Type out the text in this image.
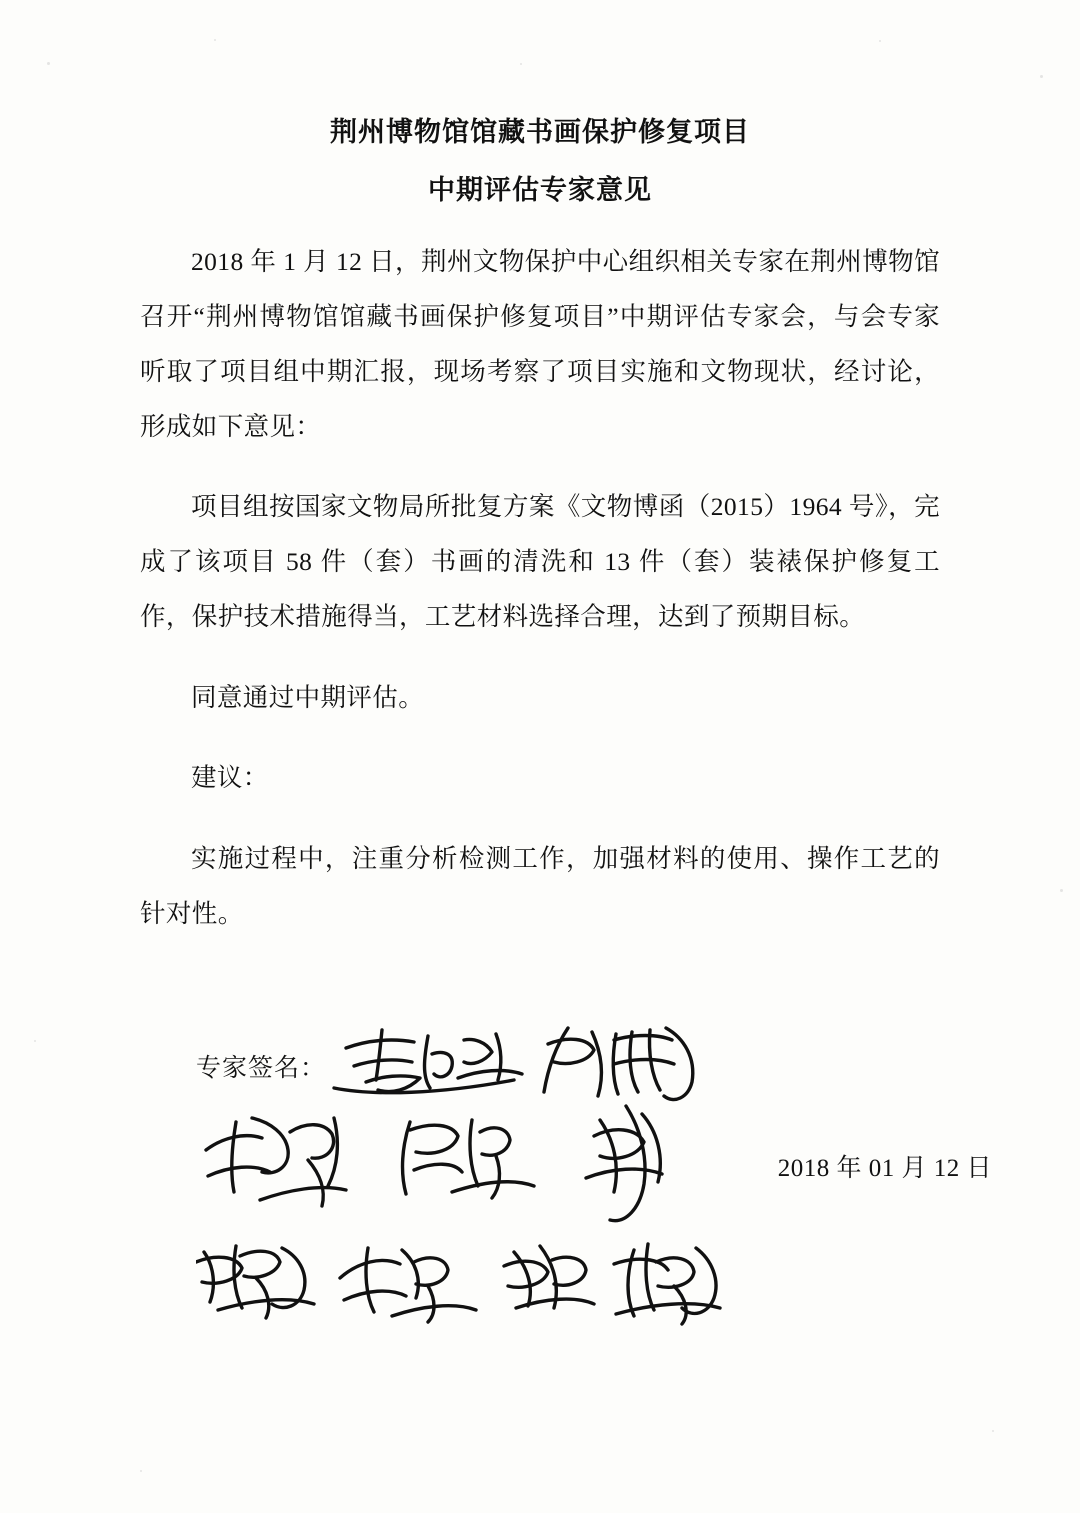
荆州博物馆馆藏书画保护修复项目
中期评估专家意见

2018 年 1 月 12 日，荆州文物保护中心组织相关专家在荆州博物馆召开“荆州博物馆馆藏书画保护修复项目”中期评估专家会，与会专家听取了项目组中期汇报，现场考察了项目实施和文物现状，经讨论，形成如下意见：

项目组按国家文物局所批复方案《文物博函（2015）1964 号》，完成了该项目 58 件（套）书画的清洗和 13 件（套）装裱保护修复工作，保护技术措施得当，工艺材料选择合理，达到了预期目标。

同意通过中期评估。

建议：

实施过程中，注重分析检测工作，加强材料的使用、操作工艺的针对性。

专家签名：
2018 年 01 月 12 日
